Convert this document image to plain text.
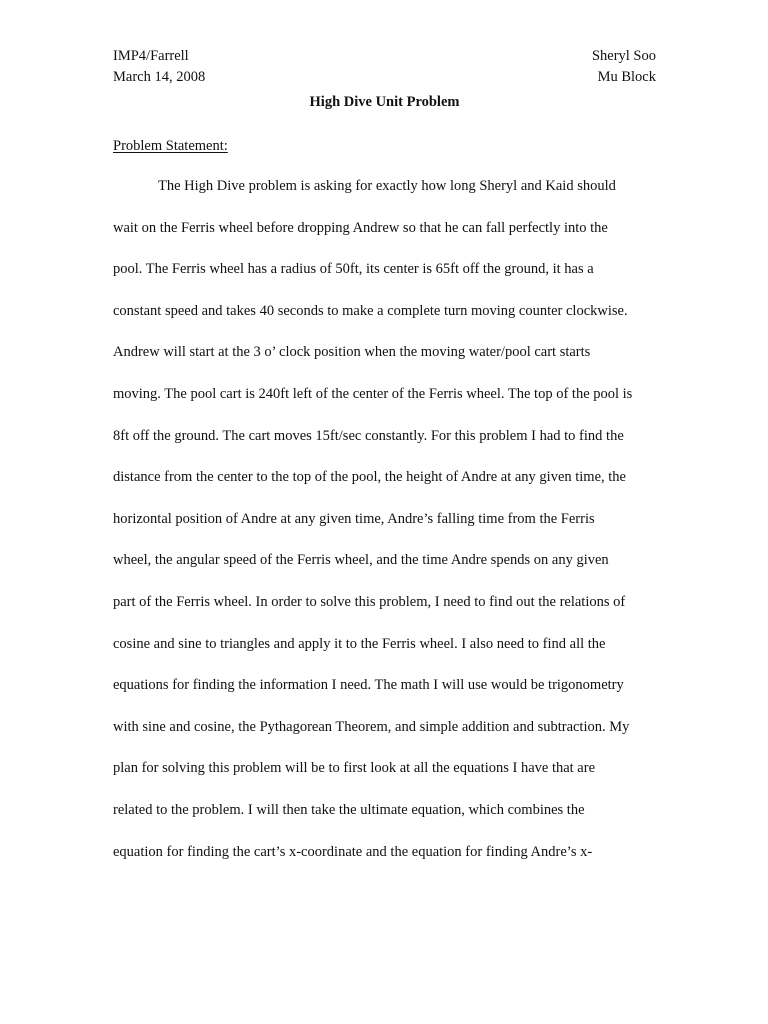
IMP4/Farrell	Sheryl Soo
March 14, 2008	Mu Block
High Dive Unit Problem
Problem Statement:
The High Dive problem is asking for exactly how long Sheryl and Kaid should
wait on the Ferris wheel before dropping Andrew so that he can fall perfectly into the
pool. The Ferris wheel has a radius of 50ft, its center is 65ft off the ground, it has a
constant speed and takes 40 seconds to make a complete turn moving counter clockwise.
Andrew will start at the 3 o’ clock position when the moving water/pool cart starts
moving. The pool cart is 240ft left of the center of the Ferris wheel. The top of the pool is
8ft off the ground. The cart moves 15ft/sec constantly. For this problem I had to find the
distance from the center to the top of the pool, the height of Andre at any given time, the
horizontal position of Andre at any given time, Andre’s falling time from the Ferris
wheel, the angular speed of the Ferris wheel, and the time Andre spends on any given
part of the Ferris wheel. In order to solve this problem, I need to find out the relations of
cosine and sine to triangles and apply it to the Ferris wheel. I also need to find all the
equations for finding the information I need. The math I will use would be trigonometry
with sine and cosine, the Pythagorean Theorem, and simple addition and subtraction. My
plan for solving this problem will be to first look at all the equations I have that are
related to the problem. I will then take the ultimate equation, which combines the
equation for finding the cart’s x-coordinate and the equation for finding Andre’s x-
